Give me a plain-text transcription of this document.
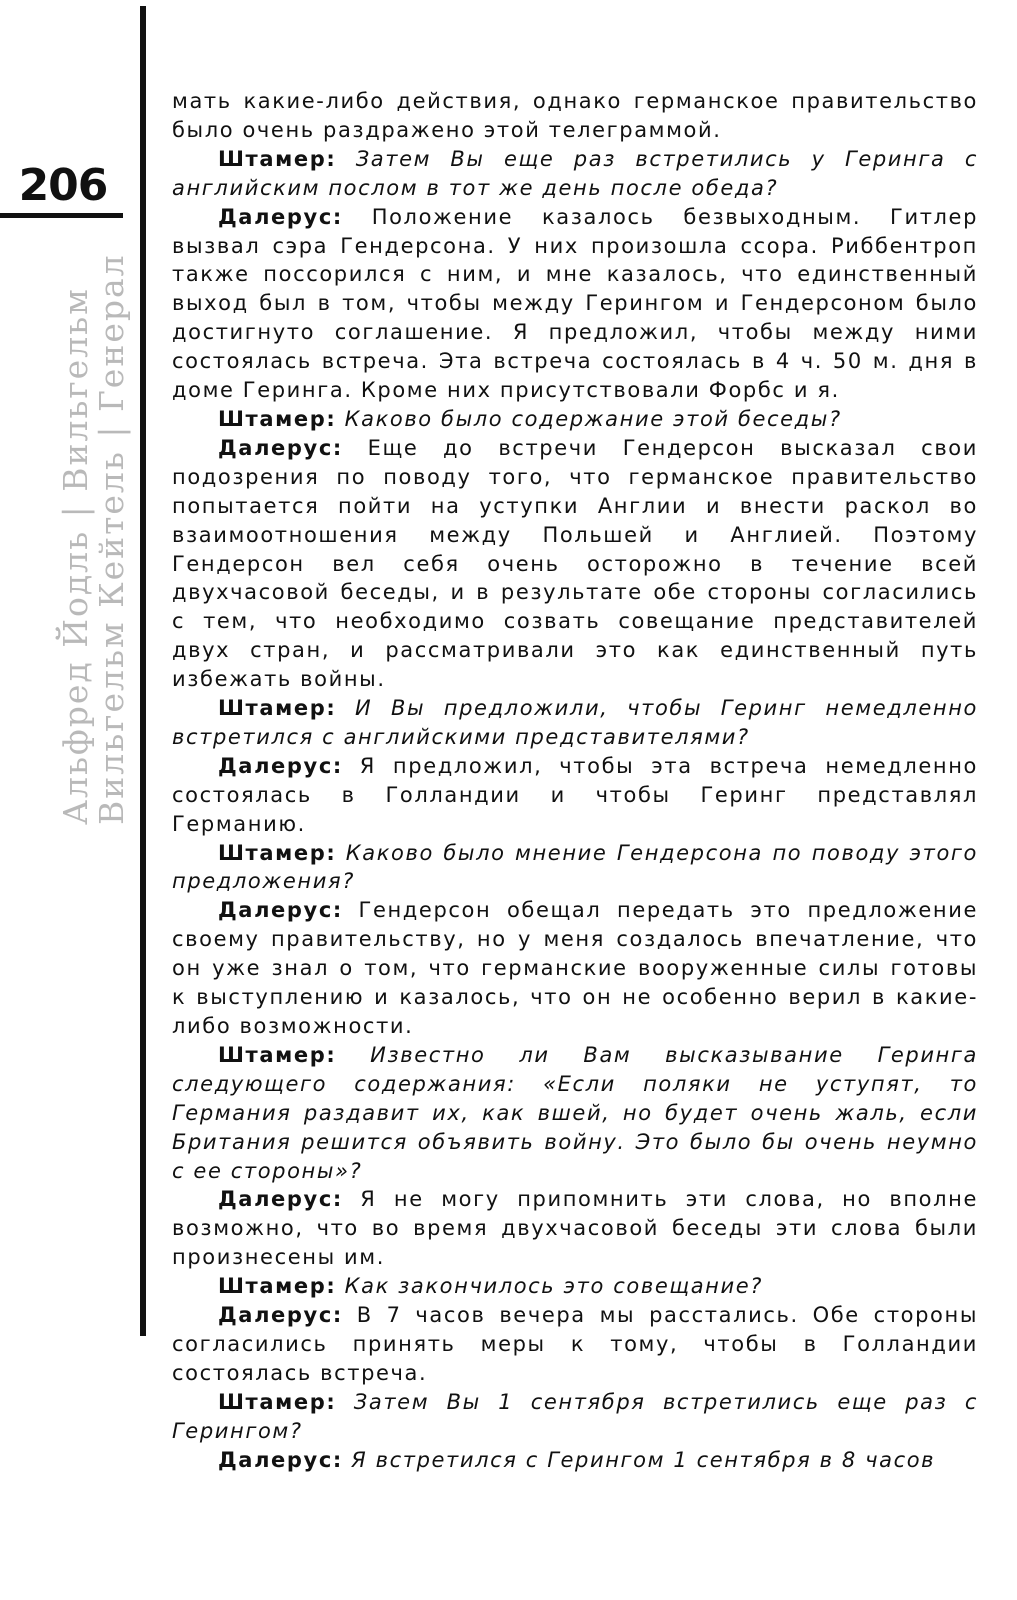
206
Альфред Йодль | Вильгельм
Вильгельм Кейтель | Генерал

мать какие-либо действия, однако германское правительство было очень раздражено этой телеграммой.

Штамер: Затем Вы еще раз встретились у Геринга с английским послом в тот же день после обеда?

Далерус: Положение казалось безвыходным. Гитлер вызвал сэра Гендерсона. У них произошла ссора. Риббентроп также поссорился с ним, и мне казалось, что единственный выход был в том, чтобы между Герингом и Гендерсоном было достигнуто соглашение. Я предложил, чтобы между ними состоялась встреча. Эта встреча состоялась в 4 ч. 50 м. дня в доме Геринга. Кроме них присутствовали Форбс и я.

Штамер: Каково было содержание этой беседы?

Далерус: Еще до встречи Гендерсон высказал свои подозрения по поводу того, что германское правительство попытается пойти на уступки Англии и внести раскол во взаимоотношения между Польшей и Англией. Поэтому Гендерсон вел себя очень осторожно в течение всей двухчасовой беседы, и в результате обе стороны согласились с тем, что необходимо созвать совещание представителей двух стран, и рассматривали это как единственный путь избежать войны.

Штамер: И Вы предложили, чтобы Геринг немедленно встретился с английскими представителями?

Далерус: Я предложил, чтобы эта встреча немедленно состоялась в Голландии и чтобы Геринг представлял Германию.

Штамер: Каково было мнение Гендерсона по поводу этого предложения?

Далерус: Гендерсон обещал передать это предложение своему правительству, но у меня создалось впечатление, что он уже знал о том, что германские вооруженные силы готовы к выступлению и казалось, что он не особенно верил в какие-либо возможности.

Штамер: Известно ли Вам высказывание Геринга следующего содержания: «Если поляки не уступят, то Германия раздавит их, как вшей, но будет очень жаль, если Британия решится объявить войну. Это было бы очень неумно с ее стороны»?

Далерус: Я не могу припомнить эти слова, но вполне возможно, что во время двухчасовой беседы эти слова были произнесены им.

Штамер: Как закончилось это совещание?

Далерус: В 7 часов вечера мы расстались. Обе стороны согласились принять меры к тому, чтобы в Голландии состоялась встреча.

Штамер: Затем Вы 1 сентября встретились еще раз с Герингом?

Далерус: Я встретился с Герингом 1 сентября в 8 часов
